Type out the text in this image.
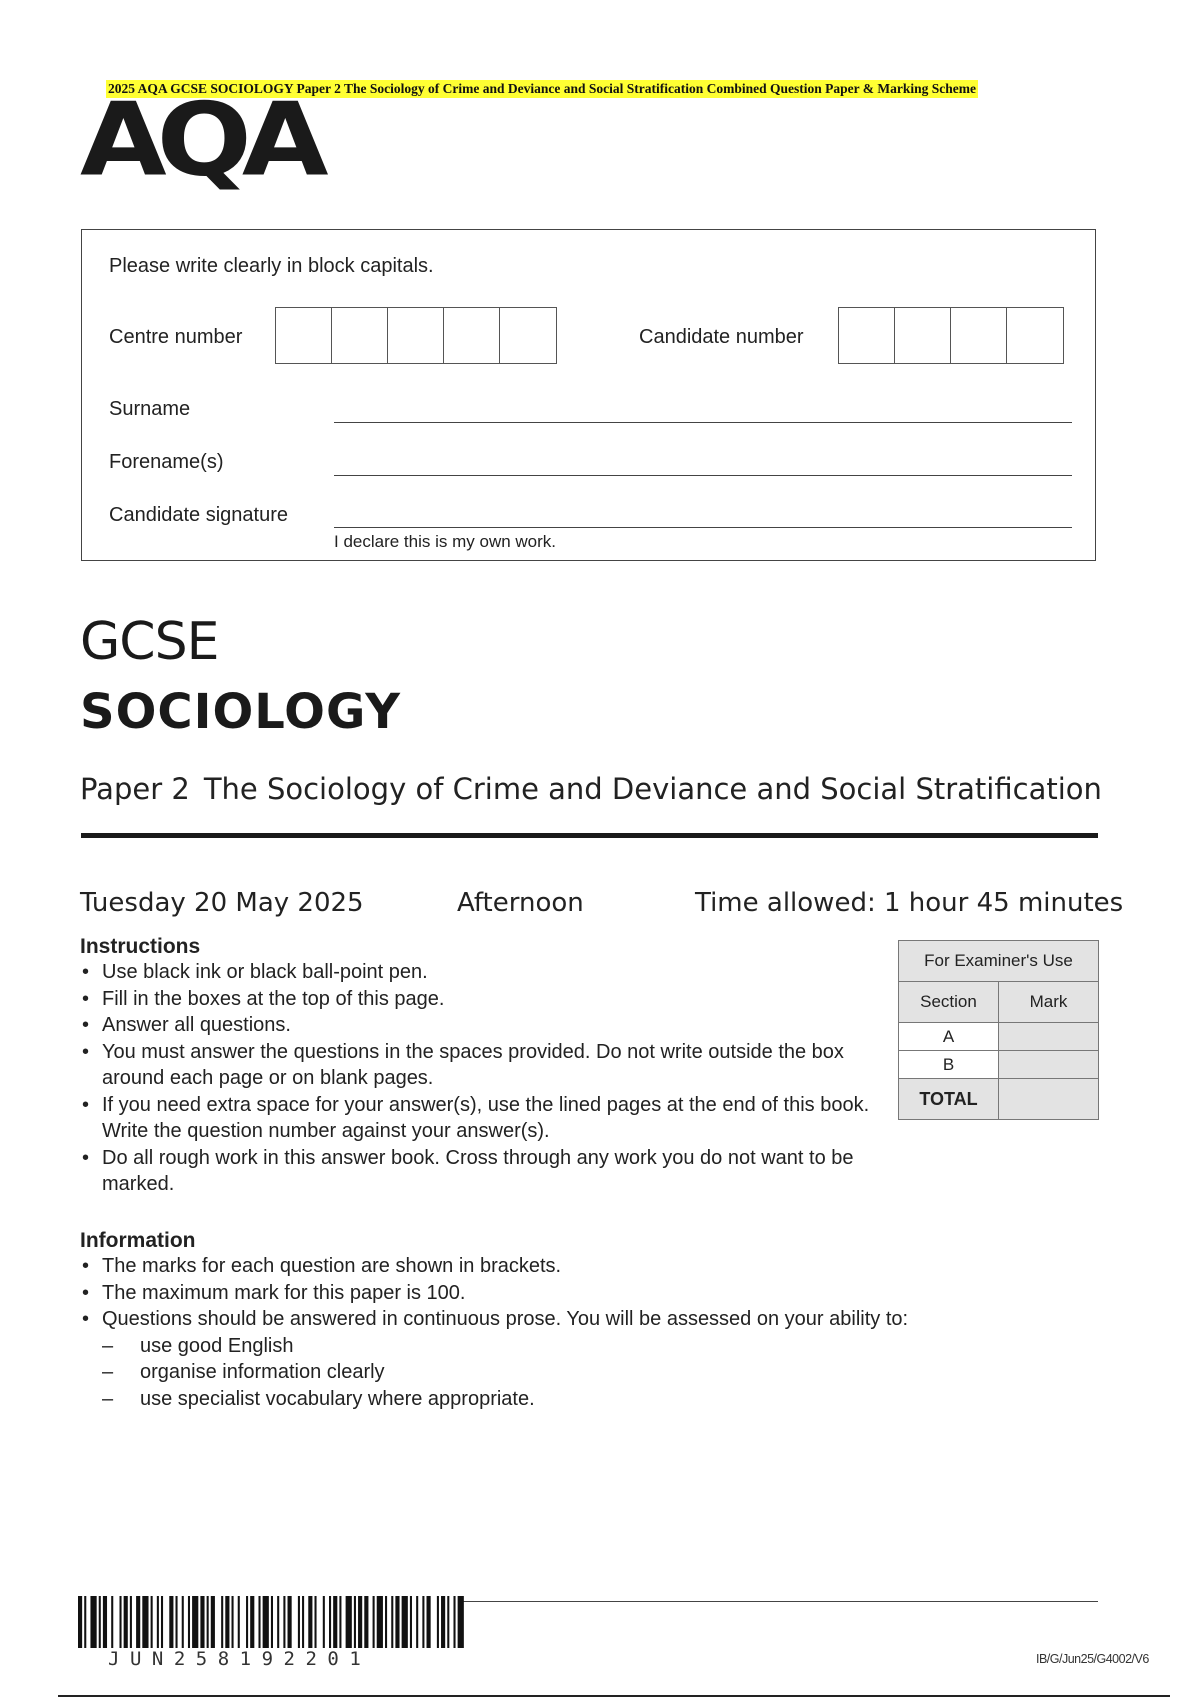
2025 AQA GCSE SOCIOLOGY Paper 2 The Sociology of Crime and Deviance and Social Stratification Combined Question Paper & Marking Scheme
AQA
Please write clearly in block capitals.
Centre number	Candidate number
Surname
Forename(s)
Candidate signature
I declare this is my own work.
GCSE
SOCIOLOGY
Paper 2 The Sociology of Crime and Deviance and Social Stratification
Tuesday 20 May 2025	Afternoon	Time allowed: 1 hour 45 minutes
Instructions
• Use black ink or black ball-point pen.
• Fill in the boxes at the top of this page.
• Answer all questions.
• You must answer the questions in the spaces provided. Do not write outside the box around each page or on blank pages.
• If you need extra space for your answer(s), use the lined pages at the end of this book. Write the question number against your answer(s).
• Do all rough work in this answer book. Cross through any work you do not want to be marked.
Information
• The marks for each question are shown in brackets.
• The maximum mark for this paper is 100.
• Questions should be answered in continuous prose. You will be assessed on your ability to:
– use good English
– organise information clearly
– use specialist vocabulary where appropriate.
For Examiner's Use	
Section	Mark
A	
B	
TOTAL	
JUN258192201	IB/G/Jun25/G4002/V6
